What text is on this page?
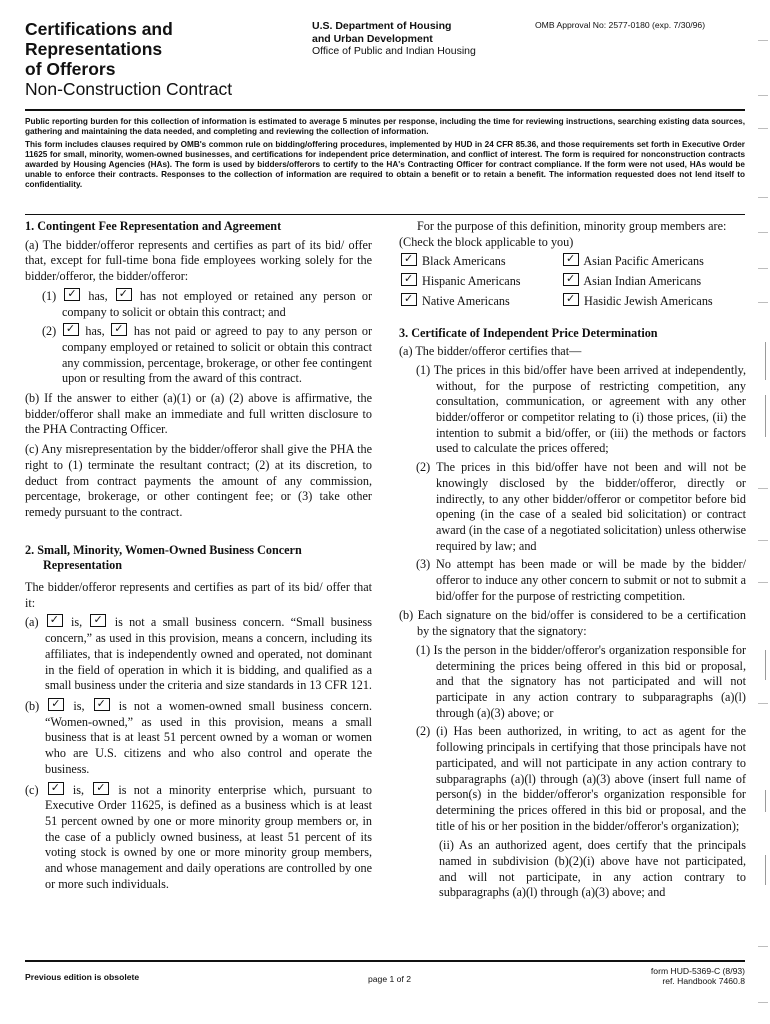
Certifications and
Representations
of Offerors
Non-Construction Contract
U.S. Department of Housing
and Urban Development
Office of Public and Indian Housing
OMB Approval No: 2577-0180 (exp. 7/30/96)

Public reporting burden for this collection of information is estimated to average 5 minutes per response, including the time for reviewing instructions, searching existing data sources, gathering and maintaining the data needed, and completing and reviewing the collection of information.

This form includes clauses required by OMB's common rule on bidding/offering procedures, implemented by HUD in 24 CFR 85.36, and those requirements set forth in Executive Order 11625 for small, minority, women-owned businesses, and certifications for independent price determination, and conflict of interest. The form is required for nonconstruction contracts awarded by Housing Agencies (HAs). The form is used by bidders/offerors to certify to the HA's Contracting Officer for contract compliance. If the form were not used, HAs would be unable to enforce their contracts. Responses to the collection of information are required to obtain a benefit or to retain a benefit. The information requested does not lend itself to confidentiality.

1. Contingent Fee Representation and Agreement

(a) The bidder/offeror represents and certifies as part of its bid/ offer that, except for full-time bona fide employees working solely for the bidder/offeror, the bidder/offeror:

(1) ✓	has, ✓	has not employed or retained any person or company to solicit or obtain this contract; and

(2) ✓ has, ✓ has not paid or agreed to pay to any person or company employed or retained to solicit or obtain this contract any commission, percentage, brokerage, or other fee contingent upon or resulting from the award of this contract.

(b) If the answer to either (a)(1) or (a) (2) above is affirmative, the bidder/offeror shall make an immediate and full written disclosure to the PHA Contracting Officer.

(c) Any misrepresentation by the bidder/offeror shall give the PHA the right to (1) terminate the resultant contract; (2) at its discretion, to deduct from contract payments the amount of any commission, percentage, brokerage, or other contingent fee; or (3) take other remedy pursuant to the contract.

2. Small, Minority, Women-Owned Business Concern Representation

The bidder/offeror represents and certifies as part of its bid/ offer that it:

(a) ✓	is, ✓	is not a small business concern. “Small business concern,” as used in this provision, means a concern, including its affiliates, that is independently owned and operated, not dominant in the field of operation in which it is bidding, and qualified as a small business under the criteria and size standards in 13 CFR 121.

(b) ✓	is, ✓	is not a women-owned small business concern. “Women-owned,” as used in this provision, means a small business that is at least 51 percent owned by a woman or women who are U.S. citizens and who also control and operate the business.

(c) ✓	is, ✓	is not a minority enterprise which, pursuant to Executive Order 11625, is defined as a business which is at least 51 percent owned by one or more minority group members or, in the case of a publicly owned business, at least 51 percent of its voting stock is owned by one or more minority group members, and whose management and daily operations are controlled by one or more such individuals.

For the purpose of this definition, minority group members are:

(Check the block applicable to you)

✓ Black Americans ✓	Asian Pacific Americans
✓ Hispanic Americans ✓	Asian Indian Americans
✓ Native Americans ✓	Hasidic Jewish Americans
3. Certificate of Independent Price Determination

(a) The bidder/offeror certifies that—

(1) The prices in this bid/offer have been arrived at independently, without, for the purpose of restricting competition, any consultation, communication, or agreement with any other bidder/offeror or competitor relating to (i) those prices, (ii) the intention to submit a bid/offer, or (iii) the methods or factors used to calculate the prices offered;

(2) The prices in this bid/offer have not been and will not be knowingly disclosed by the bidder/offeror, directly or indirectly, to any other bidder/offeror or competitor before bid opening (in the case of a sealed bid solicitation) or contract award (in the case of a negotiated solicitation) unless otherwise required by law; and

(3) No attempt has been made or will be made by the bidder/ offeror to induce any other concern to submit or not to submit a bid/offer for the purpose of restricting competition.

(b) Each signature on the bid/offer is considered to be a certification by the signatory that the signatory:

(1) Is the person in the bidder/offeror's organization responsible for determining the prices being offered in this bid or proposal, and that the signatory has not participated and will not participate in any action contrary to subparagraphs (a)(l) through (a)(3) above; or

(2) (i) Has been authorized, in writing, to act as agent for the following principals in certifying that those principals have not participated, and will not participate in any action contrary to subparagraphs (a)(l) through (a)(3) above (insert full name of person(s) in the bidder/offeror's organization responsible for determining the prices offered in this bid or proposal, and the title of his or her position in the bidder/offeror's organization);

(ii) As an authorized agent, does certify that the principals named in subdivision (b)(2)(i) above have not participated, and will not participate, in any action contrary to subparagraphs (a)(l) through (a)(3) above; and

Previous edition is obsolete	page 1 of 2
form HUD-5369-C (8/93)
ref. Handbook 7460.8
